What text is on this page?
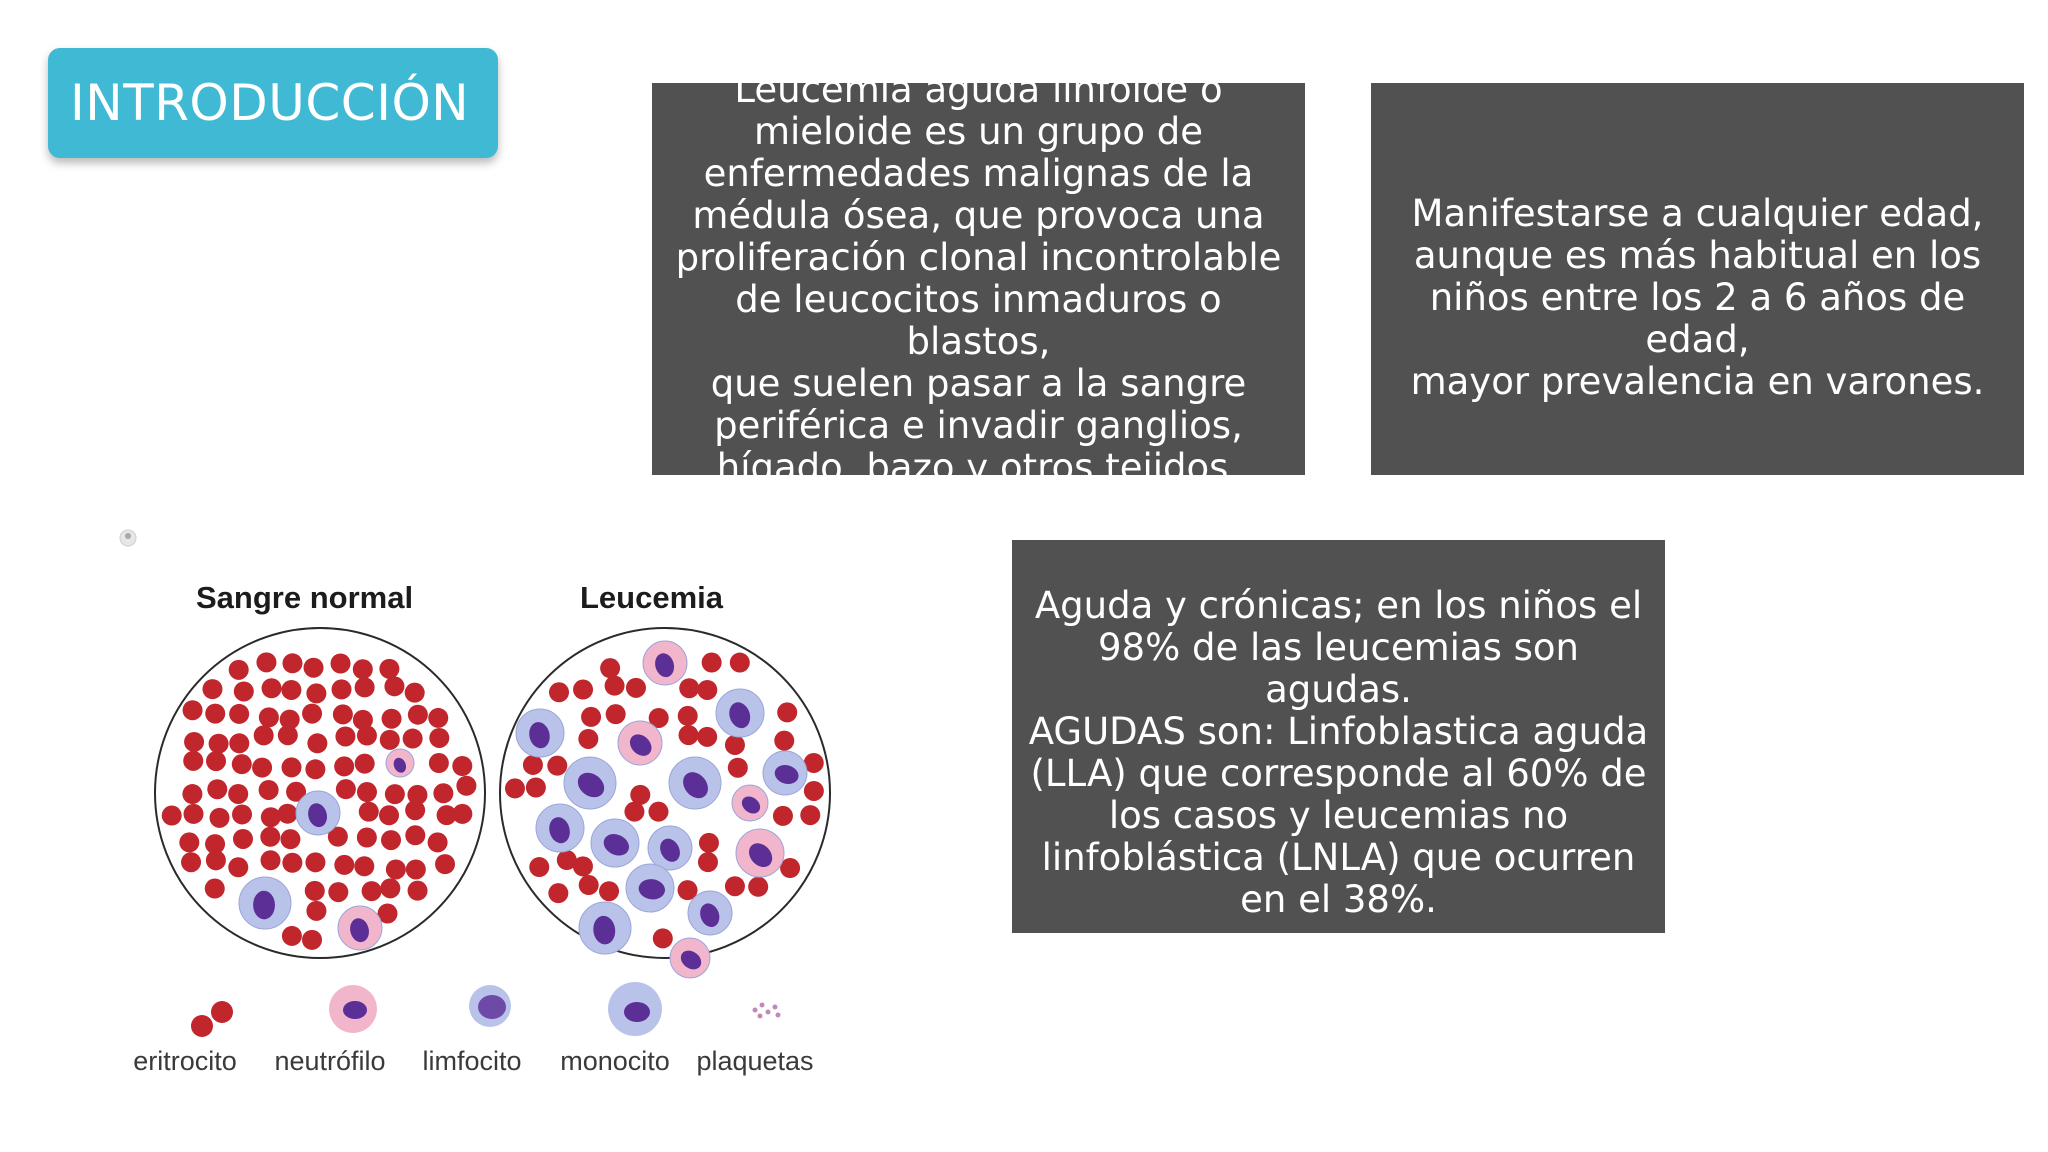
INTRODUCCIÓN	Leucemia aguda linfoide o
mieloide es un grupo de
enfermedades malignas de la
médula ósea, que provoca una
proliferación clonal incontrolable
de leucocitos inmaduros o blastos,
que suelen pasar a la sangre
periférica e invadir ganglios,
hígado, bazo y otros tejidos.
Manifestarse a cualquier edad,
aunque es más habitual en los
niños entre los 2 a 6 años de edad,
mayor prevalencia en varones.
Aguda y crónicas; en los niños el
98% de las leucemias son agudas.
AGUDAS son: Linfoblastica aguda
(LLA) que corresponde al 60% de
los casos y leucemias no
linfoblástica (LNLA) que ocurren
en el 38%.
Sangre normal	Leucemia
eritrocito	neutrófilo	limfocito	monocito plaquetas
